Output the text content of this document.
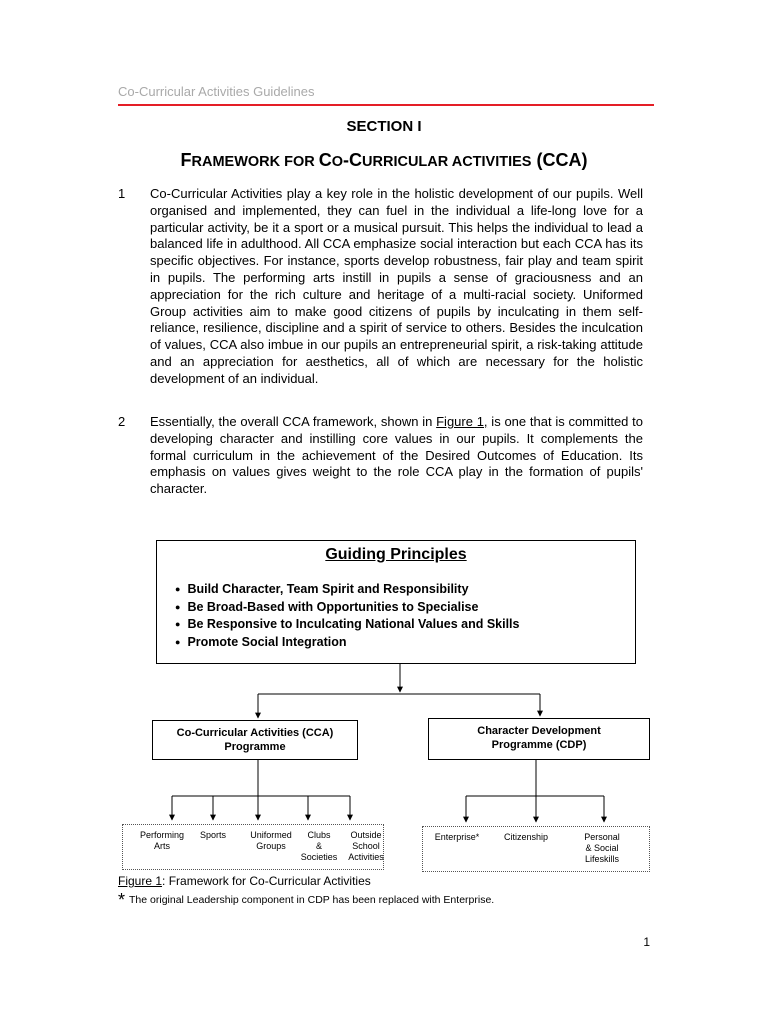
Co-Curricular Activities Guidelines
SECTION I
FRAMEWORK FOR CO-CURRICULAR ACTIVITIES (CCA)
1 Co-Curricular Activities play a key role in the holistic development of our pupils. Well organised and implemented, they can fuel in the individual a life-long love for a particular activity, be it a sport or a musical pursuit. This helps the individual to lead a balanced life in adulthood. All CCA emphasize social interaction but each CCA has its specific objectives. For instance, sports develop robustness, fair play and team spirit in pupils. The performing arts instill in pupils a sense of graciousness and an appreciation for the rich culture and heritage of a multi-racial society. Uniformed Group activities aim to make good citizens of pupils by inculcating in them self-reliance, resilience, discipline and a spirit of service to others. Besides the inculcation of values, CCA also imbue in our pupils an entrepreneurial spirit, a risk-taking attitude and an appreciation for aesthetics, all of which are necessary for the holistic development of an individual.
2 Essentially, the overall CCA framework, shown in Figure 1, is one that is committed to developing character and instilling core values in our pupils. It complements the formal curriculum in the achievement of the Desired Outcomes of Education. Its emphasis on values gives weight to the role CCA play in the formation of pupils' character.
Guiding Principles
● Build Character, Team Spirit and Responsibility
● Be Broad-Based with Opportunities to Specialise
● Be Responsive to Inculcating National Values and Skills
● Promote Social Integration
Co-Curricular Activities (CCA)
Programme
Character Development
Programme (CDP)
Performing
Arts
Sports	Uniformed
Groups
Clubs
&
Societies
Outside
School
Activities
Enterprise*	Citizenship	Personal
& Social
Lifeskills
Figure 1: Framework for Co-Curricular Activities
* The original Leadership component in CDP has been replaced with Enterprise.
1
